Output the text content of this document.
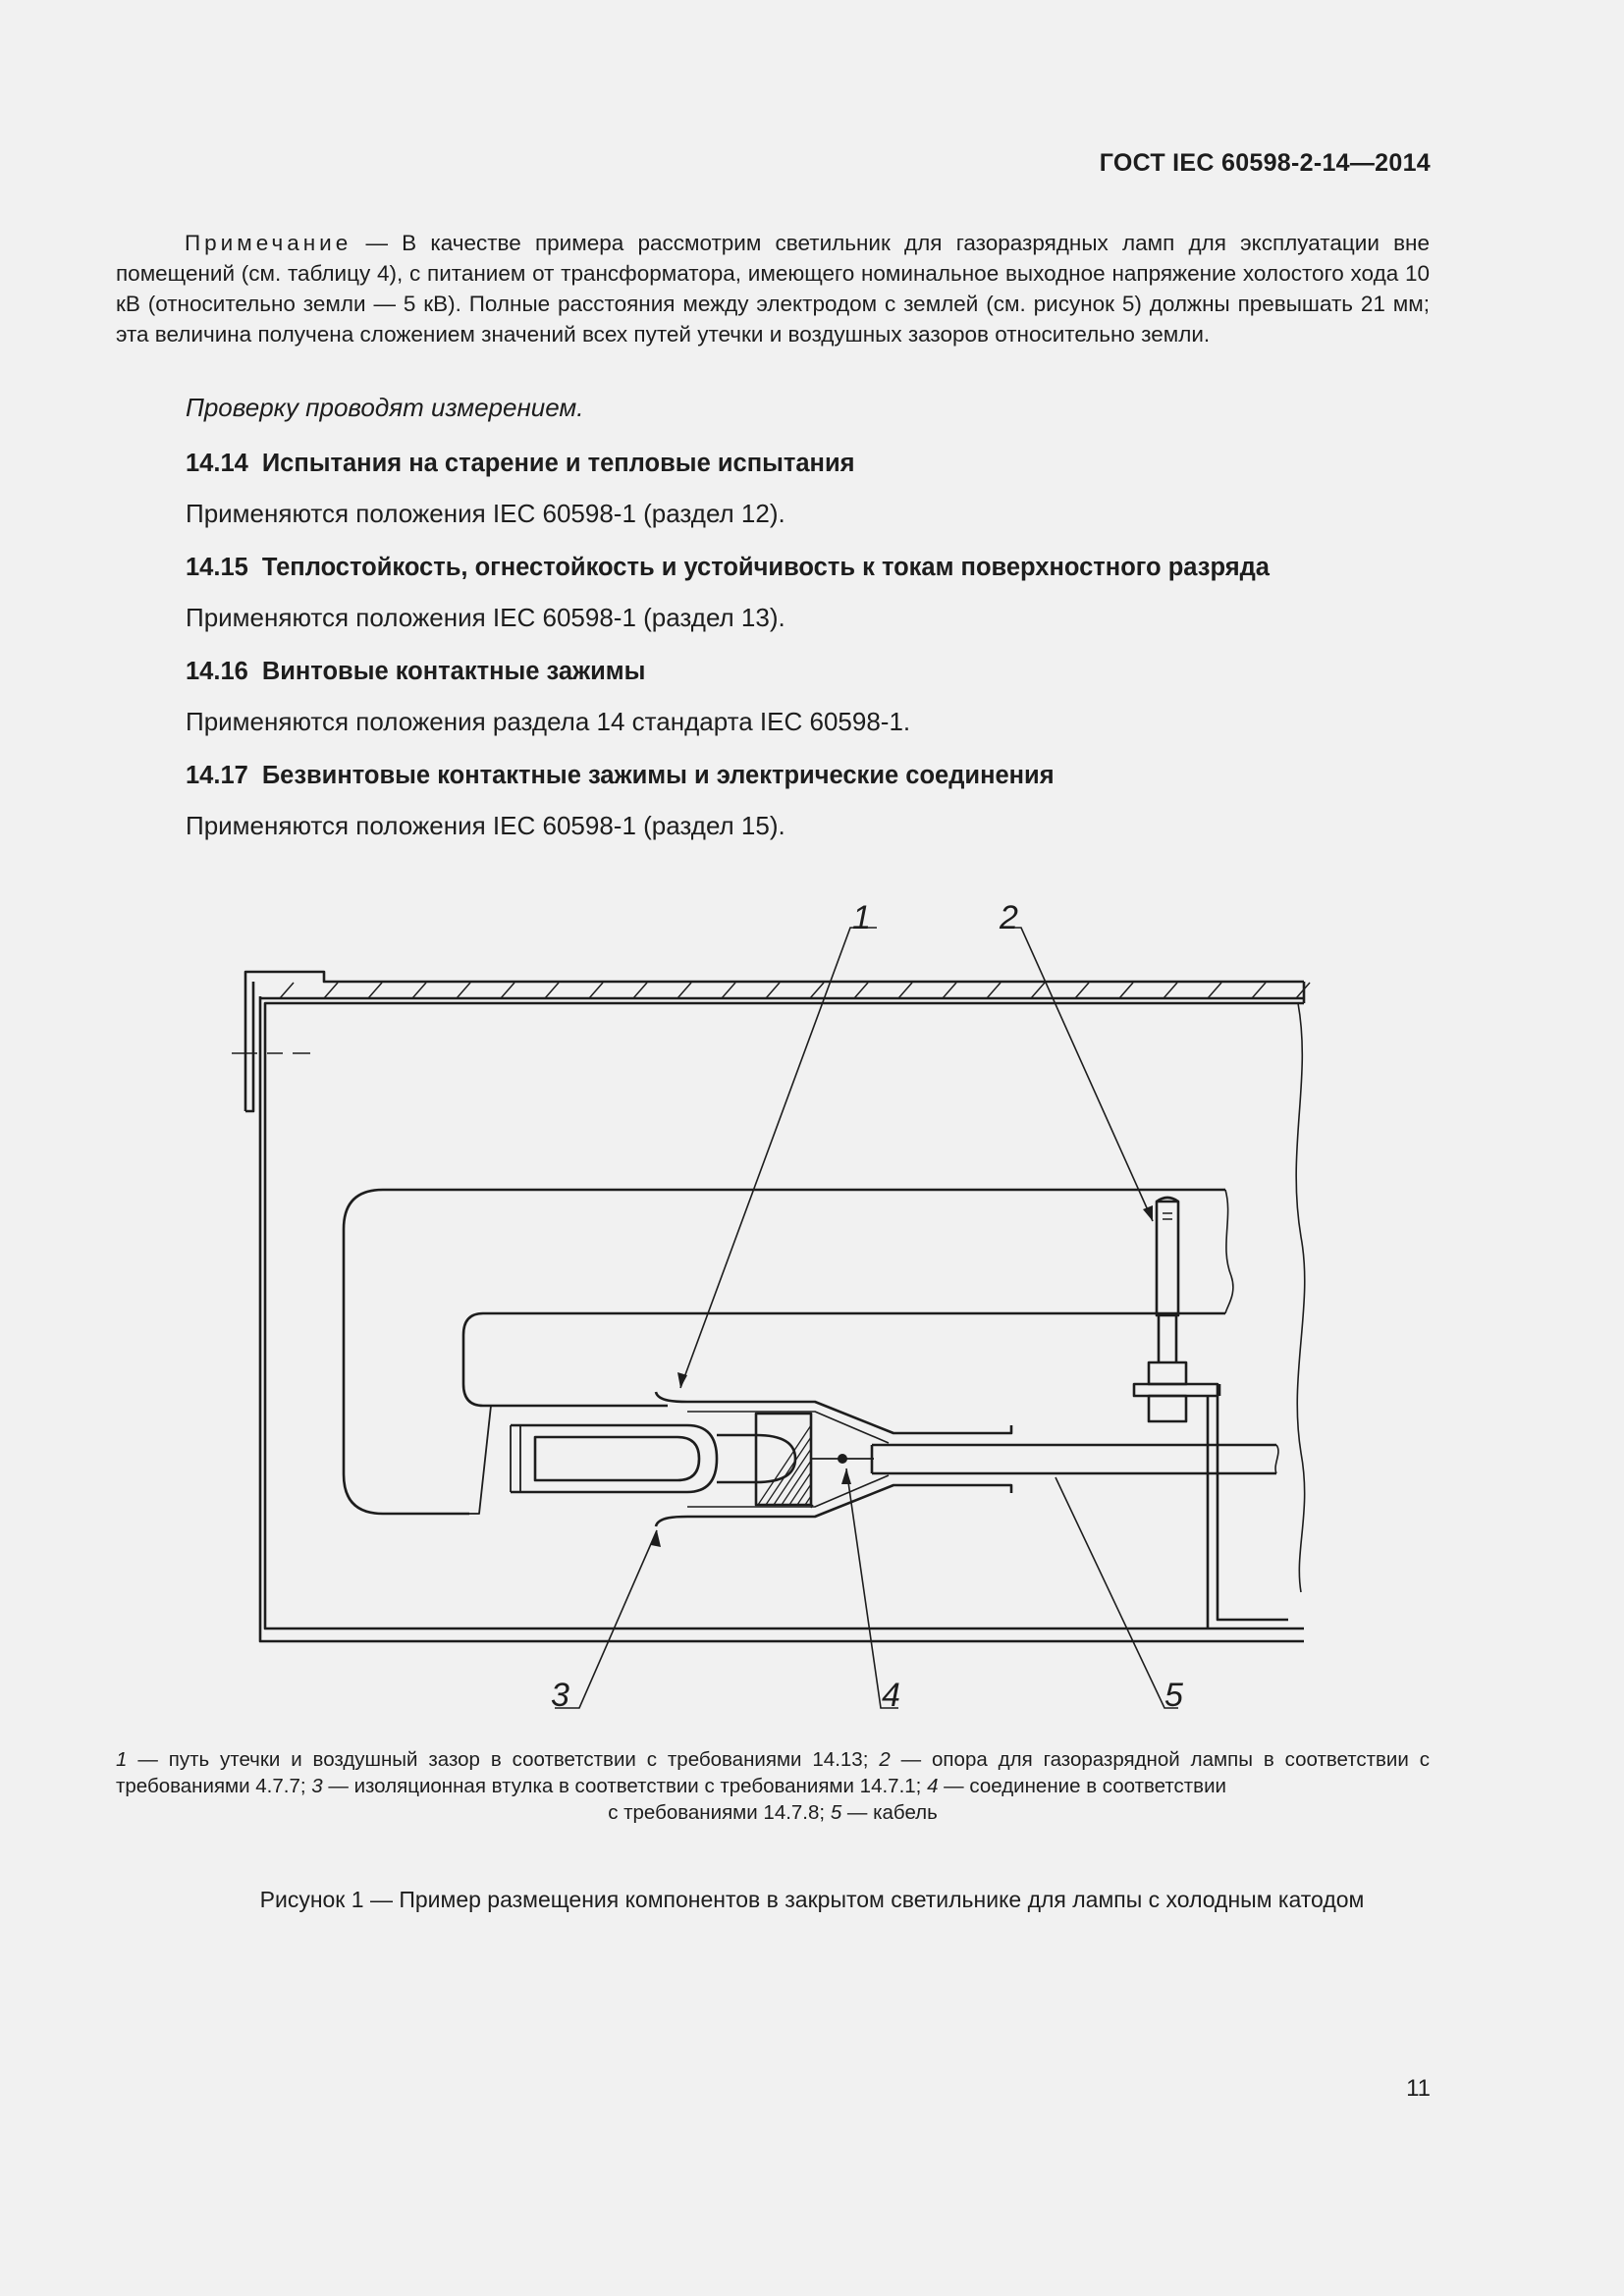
ГОСТ IEC 60598-2-14—2014
Примечание — В качестве примера рассмотрим светильник для газоразрядных ламп для эксплуатации вне помещений (см. таблицу 4), с питанием от трансформатора, имеющего номинальное выходное напряжение холостого хода 10 кВ (относительно земли — 5 кВ). Полные расстояния между электродом с землей (см. рисунок 5) должны превышать 21 мм; эта величина получена сложением значений всех путей утечки и воздушных зазоров относительно земли.
Проверку проводят измерением.
14.14 Испытания на старение и тепловые испытания
Применяются положения IEC 60598-1 (раздел 12).
14.15 Теплостойкость, огнестойкость и устойчивость к токам поверхностного разряда
Применяются положения IEC 60598-1 (раздел 13).
14.16 Винтовые контактные зажимы
Применяются положения раздела 14 стандарта IEC 60598-1.
14.17 Безвинтовые контактные зажимы и электрические соединения
Применяются положения IEC 60598-1 (раздел 15).
1	2
3	4	5
1 — путь утечки и воздушный зазор в соответствии с требованиями 14.13; 2 — опора для газоразрядной лампы в соответствии с требованиями 4.7.7; 3 — изоляционная втулка в соответствии с требованиями 14.7.1; 4 — соединение в соответствии
с требованиями 14.7.8; 5 — кабель
Рисунок 1 — Пример размещения компонентов в закрытом светильнике для лампы с холодным катодом
11
